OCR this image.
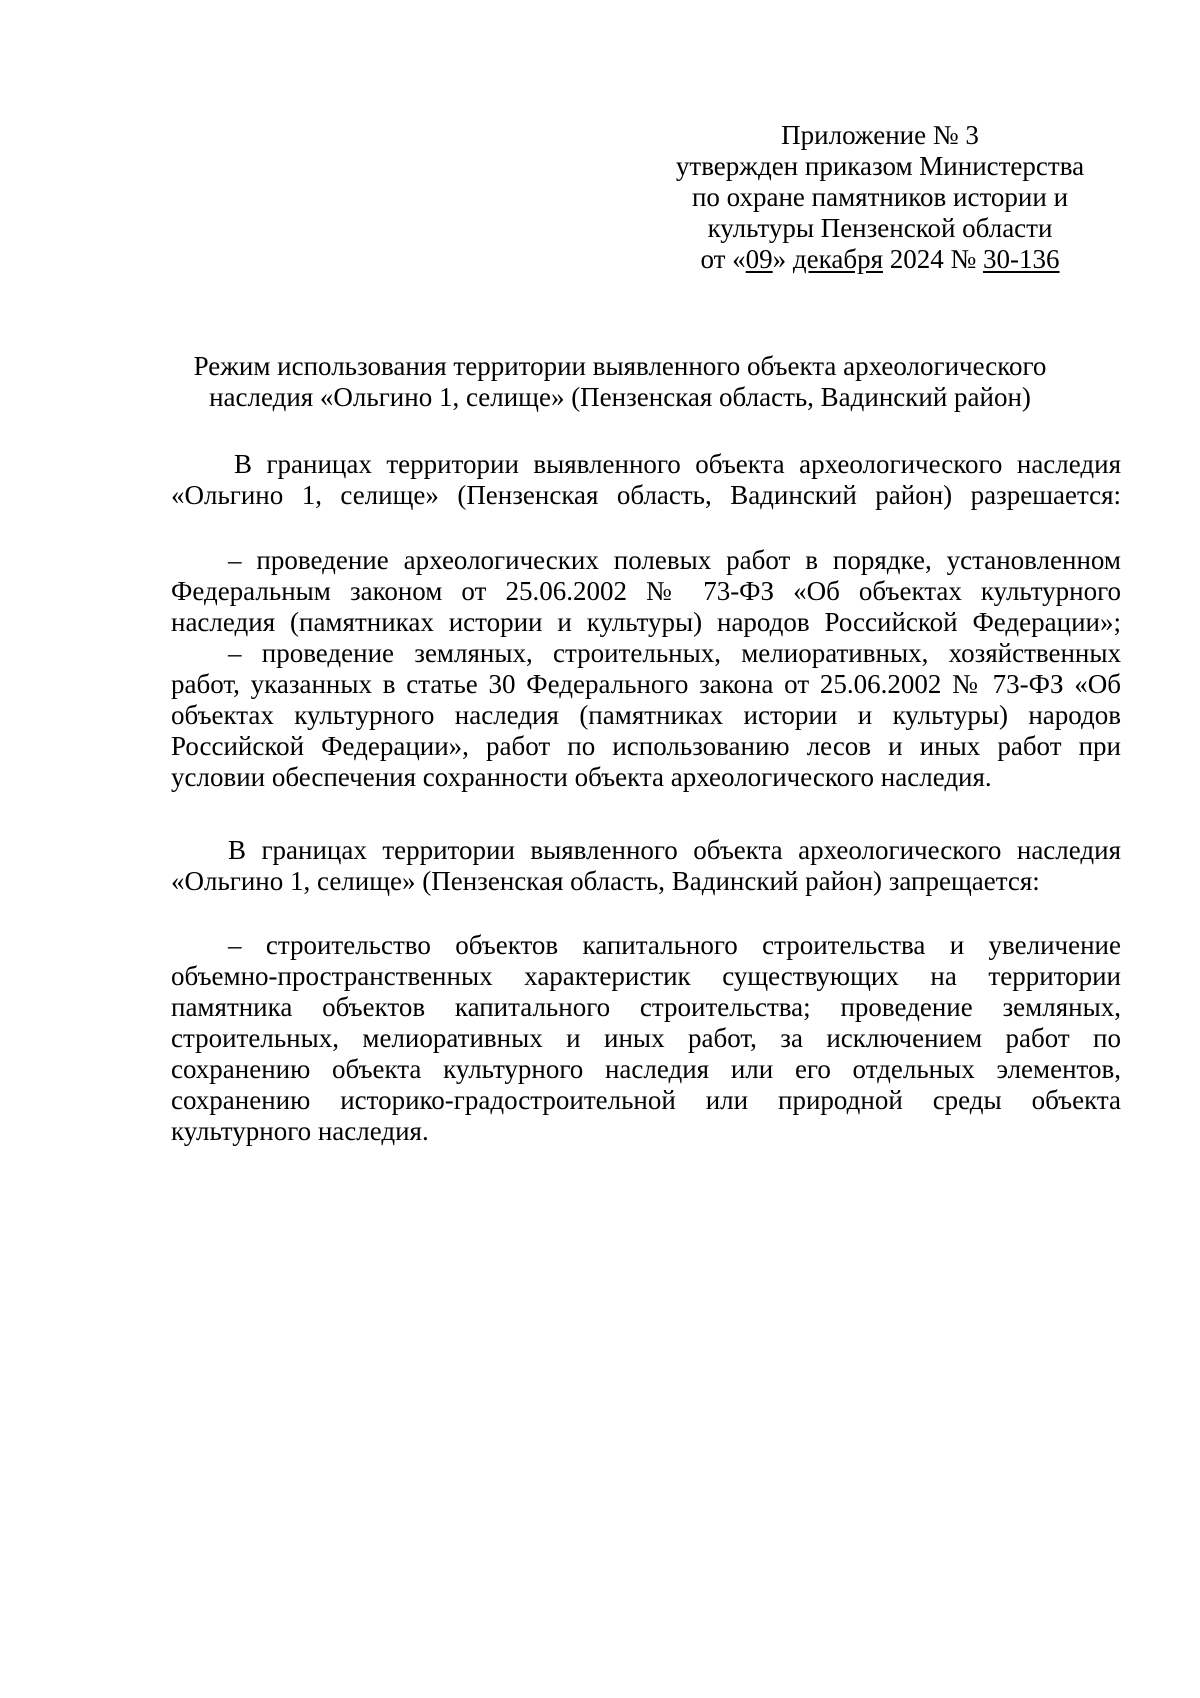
Приложение № 3
утвержден приказом Министерства
по охране памятников истории и
культуры Пензенской области
от «09» декабря 2024 № 30-136
Режим использования территории выявленного объекта археологического
наследия «Ольгино 1, селище» (Пензенская область, Вадинский район)
В границах территории выявленного объекта археологического наследия
«Ольгино 1, селище» (Пензенская область, Вадинский район) разрешается:
– проведение археологических полевых работ в порядке, установленном
Федеральным законом от 25.06.2002 № 73-ФЗ «Об объектах культурного
наследия (памятниках истории и культуры) народов Российской Федерации»;
– проведение земляных, строительных, мелиоративных, хозяйственных
работ, указанных в статье 30 Федерального закона от 25.06.2002 № 73-ФЗ «Об
объектах культурного наследия (памятниках истории и культуры) народов
Российской Федерации», работ по использованию лесов и иных работ при
условии обеспечения сохранности объекта археологического наследия.
В границах территории выявленного объекта археологического наследия
«Ольгино 1, селище» (Пензенская область, Вадинский район) запрещается:
– строительство объектов капитального строительства и увеличение
объемно-пространственных характеристик существующих на территории
памятника объектов капитального строительства; проведение земляных,
строительных, мелиоративных и иных работ, за исключением работ по
сохранению объекта культурного наследия или его отдельных элементов,
сохранению историко-градостроительной или природной среды объекта
культурного наследия.
